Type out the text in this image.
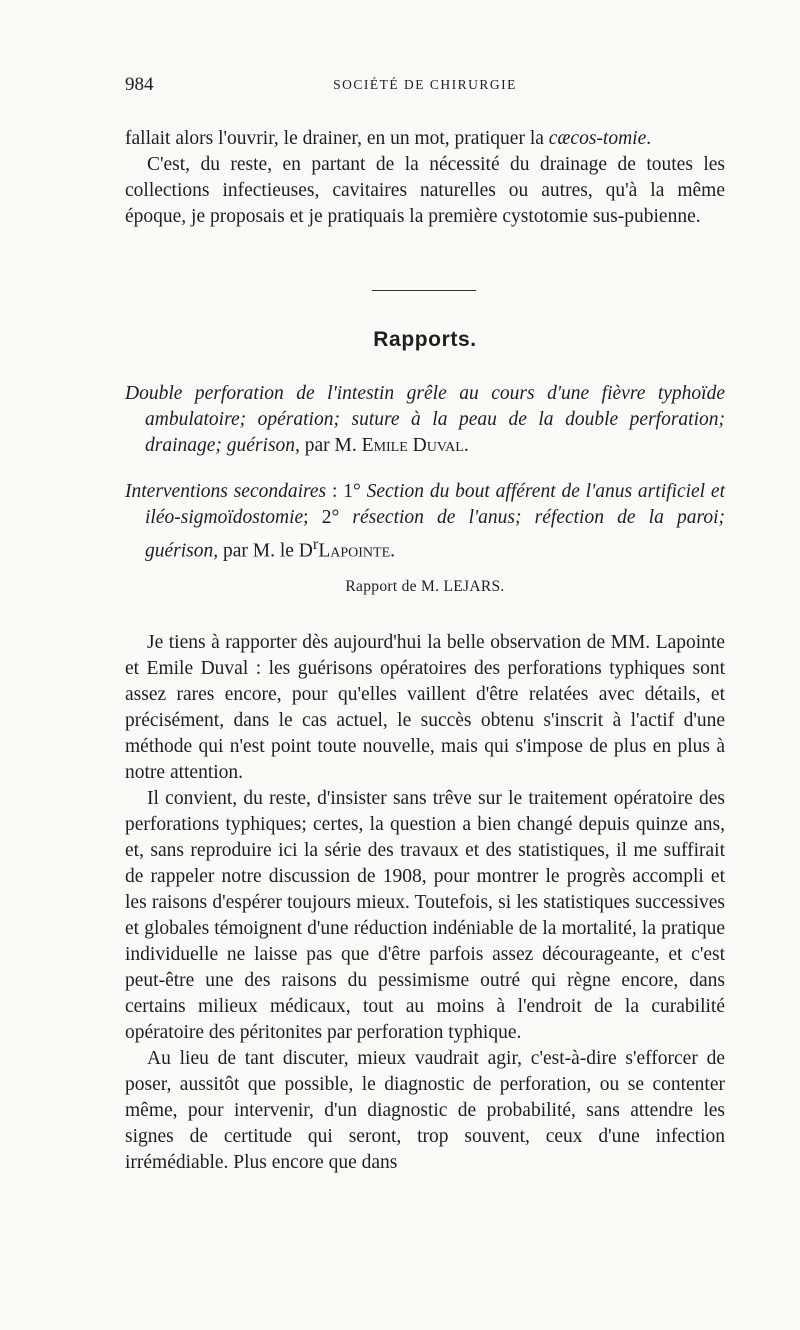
984	SOCIÉTÉ DE CHIRURGIE

fallait alors l'ouvrir, le drainer, en un mot, pratiquer la cæcos-tomie.

C'est, du reste, en partant de la nécessité du drainage de toutes les collections infectieuses, cavitaires naturelles ou autres, qu'à la même époque, je proposais et je pratiquais la première cystotomie sus-pubienne.

Rapports.
Double perforation de l'intestin grêle au cours d'une fièvre typhoïde ambulatoire; opération; suture à la peau de la double perforation; drainage; guérison, par M. Emile Duval.
Interventions secondaires : 1° Section du bout afférent de l'anus artificiel et iléo-sigmoïdostomie; 2° résection de l'anus; réfection de la paroi; guérison, par M. le $D^rLapointe$.
Rapport de M. LEJARS.

Je tiens à rapporter dès aujourd'hui la belle observation de MM. Lapointe et Emile Duval : les guérisons opératoires des perforations typhiques sont assez rares encore, pour qu'elles vaillent d'être relatées avec détails, et précisément, dans le cas actuel, le succès obtenu s'inscrit à l'actif d'une méthode qui n'est point toute nouvelle, mais qui s'impose de plus en plus à notre attention.

Il convient, du reste, d'insister sans trêve sur le traitement opératoire des perforations typhiques; certes, la question a bien changé depuis quinze ans, et, sans reproduire ici la série des travaux et des statistiques, il me suffirait de rappeler notre discussion de 1908, pour montrer le progrès accompli et les raisons d'espérer toujours mieux. Toutefois, si les statistiques successives et globales témoignent d'une réduction indéniable de la mortalité, la pratique individuelle ne laisse pas que d'être parfois assez décourageante, et c'est peut-être une des raisons du pessimisme outré qui règne encore, dans certains milieux médicaux, tout au moins à l'endroit de la curabilité opératoire des péritonites par perforation typhique.

Au lieu de tant discuter, mieux vaudrait agir, c'est-à-dire s'efforcer de poser, aussitôt que possible, le diagnostic de perforation, ou se contenter même, pour intervenir, d'un diagnostic de probabilité, sans attendre les signes de certitude qui seront, trop souvent, ceux d'une infection irrémédiable. Plus encore que dans
